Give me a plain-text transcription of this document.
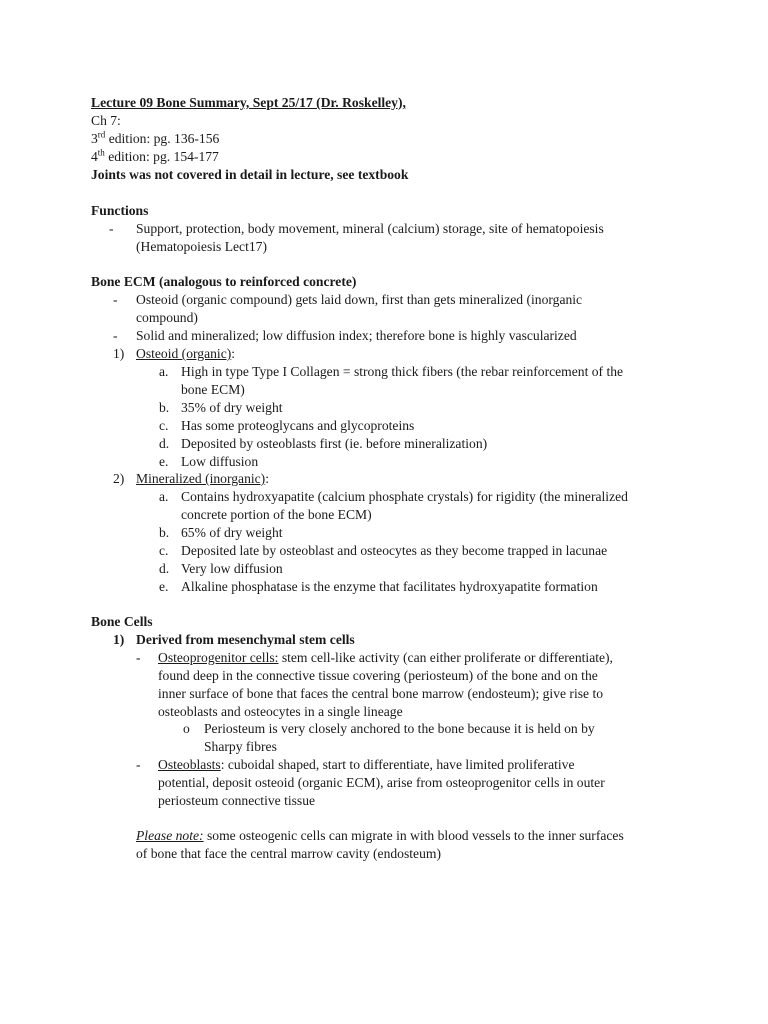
Lecture 09 Bone Summary, Sept 25/17 (Dr. Roskelley),
Ch 7:
3rd edition: pg. 136-156
4th edition: pg. 154-177
Joints was not covered in detail in lecture, see textbook
Functions
- Support, protection, body movement, mineral (calcium) storage, site of hematopoiesis
(Hematopoiesis Lect17)
Bone ECM (analogous to reinforced concrete)
- Osteoid (organic compound) gets laid down, first than gets mineralized (inorganic
compound)
- Solid and mineralized; low diffusion index; therefore bone is highly vascularized
1) Osteoid (organic):
a. High in type Type I Collagen = strong thick fibers (the rebar reinforcement of the
bone ECM)
b. 35% of dry weight
c. Has some proteoglycans and glycoproteins
d. Deposited by osteoblasts first (ie. before mineralization)
e. Low diffusion
2) Mineralized (inorganic):
a. Contains hydroxyapatite (calcium phosphate crystals) for rigidity (the mineralized
concrete portion of the bone ECM)
b. 65% of dry weight
c. Deposited late by osteoblast and osteocytes as they become trapped in lacunae
d. Very low diffusion
e. Alkaline phosphatase is the enzyme that facilitates hydroxyapatite formation
Bone Cells
1) Derived from mesenchymal stem cells
- Osteoprogenitor cells: stem cell-like activity (can either proliferate or differentiate),
found deep in the connective tissue covering (periosteum) of the bone and on the
inner surface of bone that faces the central bone marrow (endosteum); give rise to
osteoblasts and osteocytes in a single lineage
o Periosteum is very closely anchored to the bone because it is held on by
Sharpy fibres
- Osteoblasts: cuboidal shaped, start to differentiate, have limited proliferative
potential, deposit osteoid (organic ECM), arise from osteoprogenitor cells in outer
periosteum connective tissue
Please note: some osteogenic cells can migrate in with blood vessels to the inner surfaces
of bone that face the central marrow cavity (endosteum)
